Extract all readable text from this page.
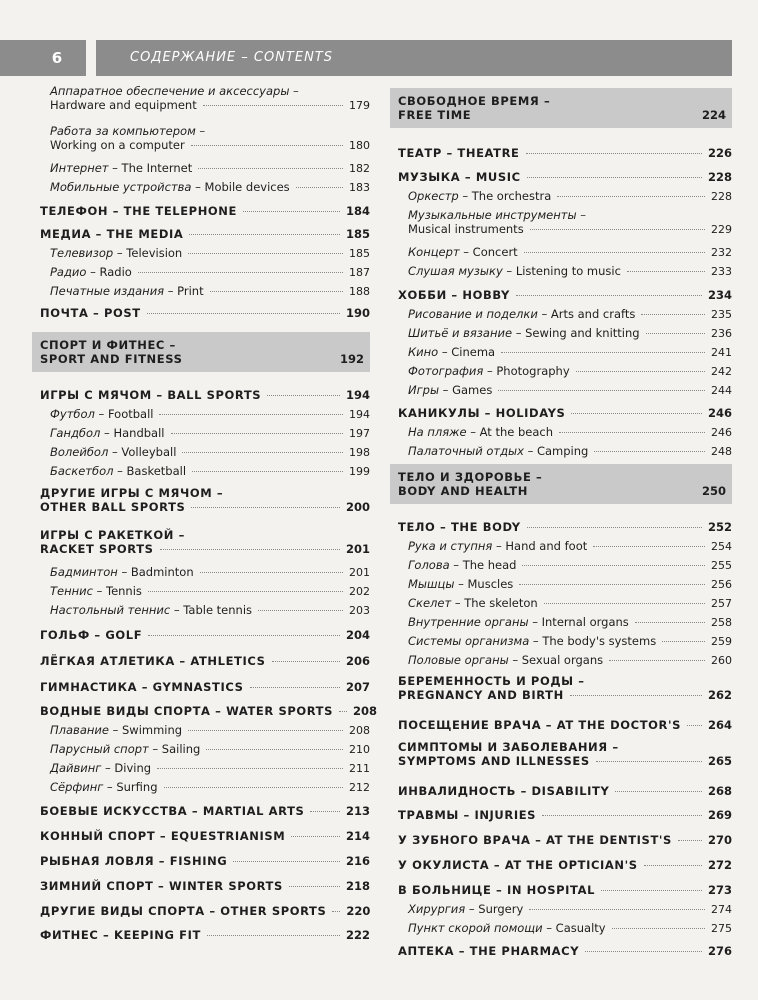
6	СОДЕРЖАНИЕ – CONTENTS
Аппаратное обеспечение и аксессуары –
Hardware and equipment	179
Работа за компьютером –
Working on a computer	180
Интернет – The Internet	182
Мобильные устройства – Mobile devices	183
ТЕЛЕФОН – THE TELEPHONE	184
МЕДИА – THE MEDIA	185
Телевизор – Television	185
Радио – Radio	187
Печатные издания – Print	188
ПОЧТА – POST	190
СПОРТ И ФИТНЕС –
SPORT AND FITNESS	192
ИГРЫ С МЯЧОМ – BALL SPORTS	194
Футбол – Football	194
Гандбол – Handball	197
Волейбол – Volleyball	198
Баскетбол – Basketball	199
ДРУГИЕ ИГРЫ С МЯЧОМ –
OTHER BALL SPORTS	200
ИГРЫ С РАКЕТКОЙ –
RACKET SPORTS	201
Бадминтон – Badminton	201
Теннис – Tennis	202
Настольный теннис – Table tennis	203
ГОЛЬФ – GOLF	204
ЛЁГКАЯ АТЛЕТИКА – ATHLETICS	206
ГИМНАСТИКА – GYMNASTICS	207
ВОДНЫЕ ВИДЫ СПОРТА – WATER SPORTS 208
Плавание – Swimming	208
Парусный спорт – Sailing	210
Дайвинг – Diving	211
Сёрфинг – Surfing	212
БОЕВЫЕ ИСКУССТВА – MARTIAL ARTS	213
КОННЫЙ СПОРТ – EQUESTRIANISM	214
РЫБНАЯ ЛОВЛЯ – FISHING	216
ЗИМНИЙ СПОРТ – WINTER SPORTS	218
ДРУГИЕ ВИДЫ СПОРТА – OTHER SPORTS 220
ФИТНЕС – KEEPING FIT	222
СВОБОДНОЕ ВРЕМЯ –
FREE TIME	224
ТЕАТР – THEATRE	226
МУЗЫКА – MUSIC	228
Оркестр – The orchestra	228
Музыкальные инструменты –
Musical instruments	229
Концерт – Concert	232
Слушая музыку – Listening to music	233
ХОББИ – HOBBY	234
Рисование и поделки – Arts and crafts	235
Шитьё и вязание – Sewing and knitting	236
Кино – Cinema	241
Фотография – Photography	242
Игры – Games	244
КАНИКУЛЫ – HOLIDAYS	246
На пляже – At the beach	246
Палаточный отдых – Camping	248
ТЕЛО И ЗДОРОВЬЕ –
BODY AND HEALTH	250
ТЕЛО – THE BODY	252
Рука и ступня – Hand and foot	254
Голова – The head	255
Мышцы – Muscles	256
Скелет – The skeleton	257
Внутренние органы – Internal organs	258
Системы организма – The body's systems	259
Половые органы – Sexual organs	260
БЕРЕМЕННОСТЬ И РОДЫ –
PREGNANCY AND BIRTH	262
ПОСЕЩЕНИЕ ВРАЧА – AT THE DOCTOR'S 264
СИМПТОМЫ И ЗАБОЛЕВАНИЯ –
SYMPTOMS AND ILLNESSES	265
ИНВАЛИДНОСТЬ – DISABILITY	268
ТРАВМЫ – INJURIES	269
У ЗУБНОГО ВРАЧА – AT THE DENTIST'S	270
У ОКУЛИСТА – AT THE OPTICIAN'S	272
В БОЛЬНИЦЕ – IN HOSPITAL	273
Хирургия – Surgery	274
Пункт скорой помощи – Casualty	275
АПТЕКА – THE PHARMACY	276
